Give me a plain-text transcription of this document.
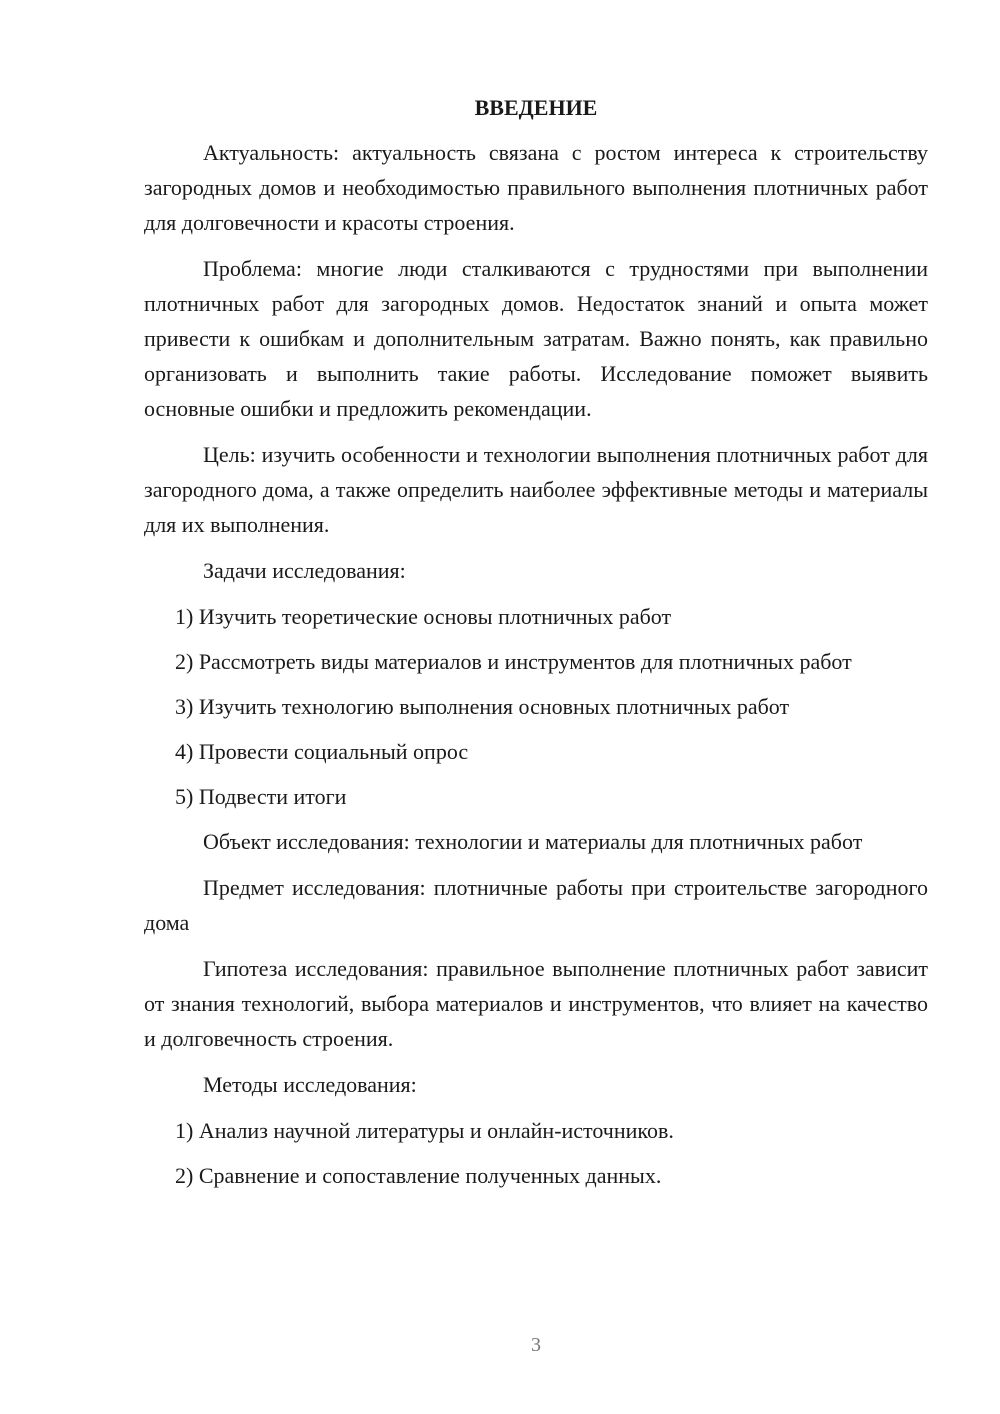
ВВЕДЕНИЕ

Актуальность: актуальность связана с ростом интереса к строительству загородных домов и необходимостью правильного выполнения плотничных работ для долговечности и красоты строения.

Проблема: многие люди сталкиваются с трудностями при выполнении плотничных работ для загородных домов. Недостаток знаний и опыта может привести к ошибкам и дополнительным затратам. Важно понять, как правильно организовать и выполнить такие работы. Исследование поможет выявить основные ошибки и предложить рекомендации.

Цель: изучить особенности и технологии выполнения плотничных работ для загородного дома, а также определить наиболее эффективные методы и материалы для их выполнения.

Задачи исследования:

1) Изучить теоретические основы плотничных работ

2) Рассмотреть виды материалов и инструментов для плотничных работ

3) Изучить технологию выполнения основных плотничных работ

4) Провести социальный опрос

5) Подвести итоги

Объект исследования: технологии и материалы для плотничных работ

Предмет исследования: плотничные работы при строительстве загородного дома

Гипотеза исследования: правильное выполнение плотничных работ зависит от знания технологий, выбора материалов и инструментов, что влияет на качество и долговечность строения.

Методы исследования:

1) Анализ научной литературы и онлайн-источников.

2) Сравнение и сопоставление полученных данных.

3
